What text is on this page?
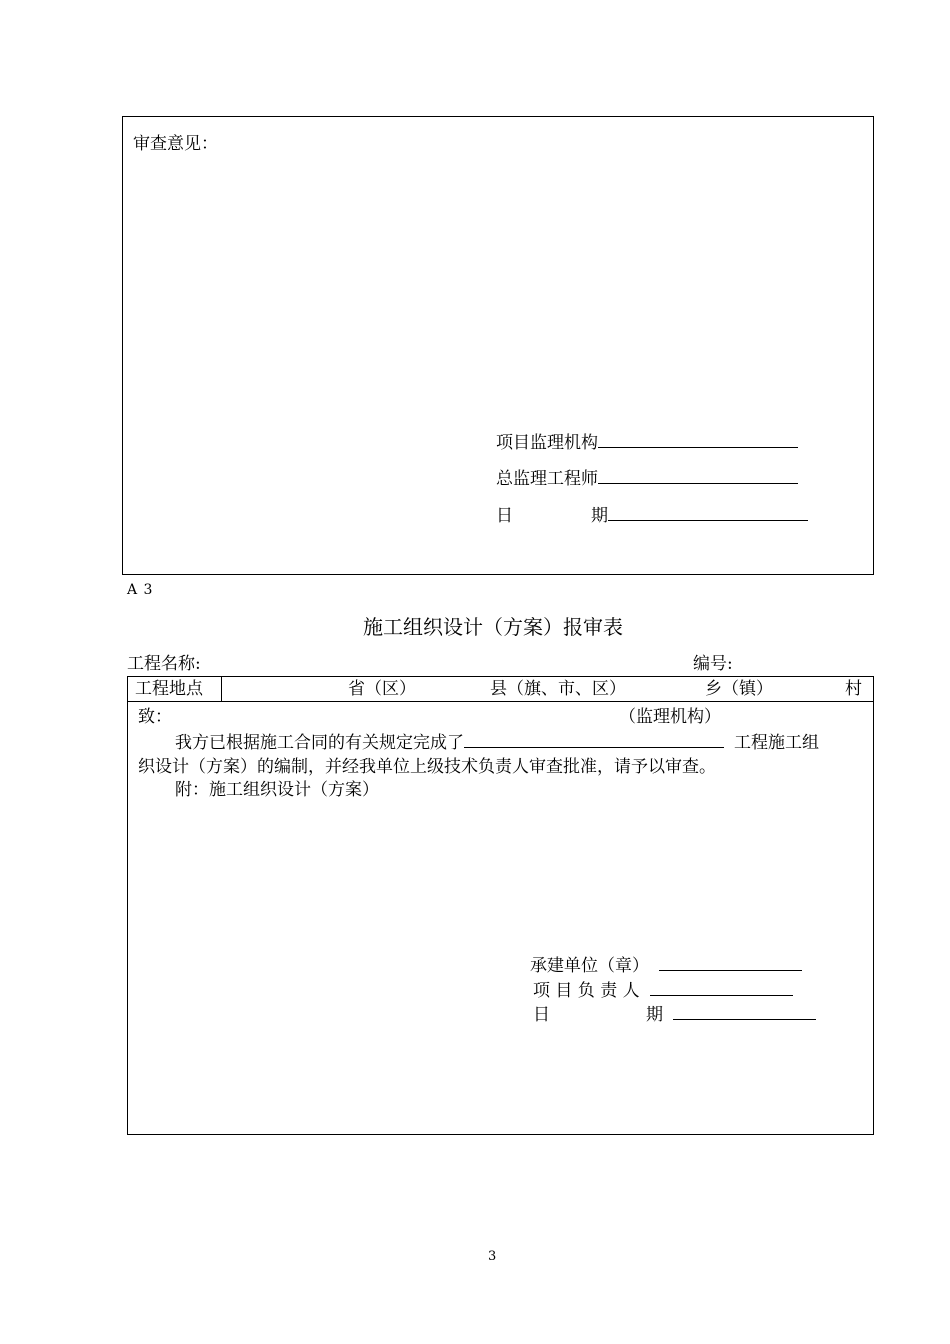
审查意见：
项目监理机构
总监理工程师
日	期
A 3
施工组织设计（方案）报审表
工程名称:	编号:
工程地点	省（区）	县（旗、市、区）	乡（镇）	村
致：	（监理机构）
我方已根据施工合同的有关规定完成了	工程施工组
织设计（方案）的编制，并经我单位上级技术负责人审查批准，请予以审查。
附：施工组织设计（方案）
承建单位（章）
项 目 负 责 人
日	期
3
